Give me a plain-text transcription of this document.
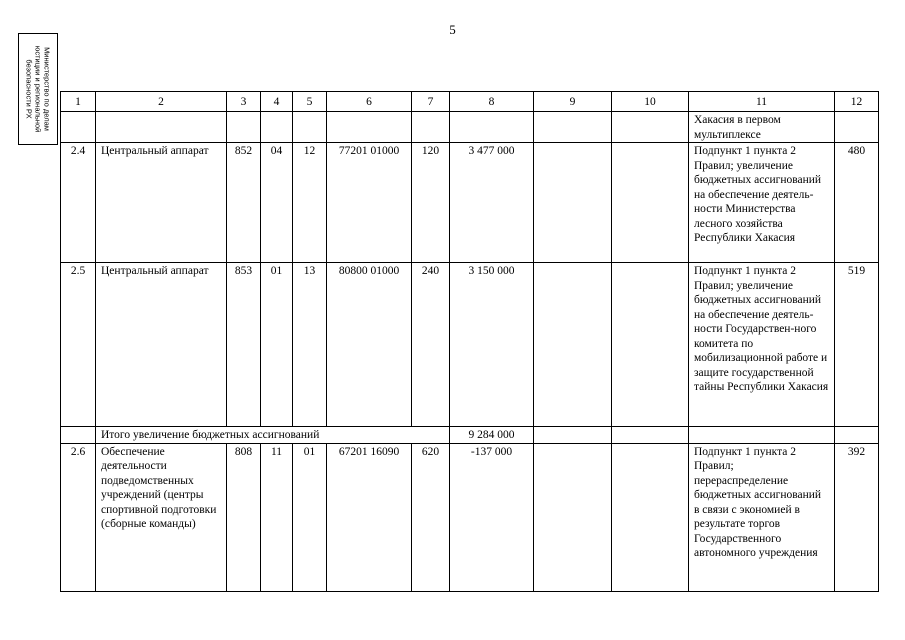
5
Министерство по делам
юстиции и региональной
безопасности РХ
1	2	3	4	5	6	7	8	9	10	11	12
										Хакасия в первом мультиплексе	
2.4	Центральный аппарат	852	04	12	77201 01000	120	3 477 000			Подпункт 1 пункта 2 Правил; увеличение бюджетных ассигнований на обеспечение деятель-ности Министерства лесного хозяйства Республики Хакасия	480
2.5	Центральный аппарат	853	01	13	80800 01000	240	3 150 000			Подпункт 1 пункта 2 Правил; увеличение бюджетных ассигнований на обеспечение деятель-ности Государствен-ного комитета по мобилизационной работе и защите государственной тайны Республики Хакасия	519
	Итого увеличение бюджетных ассигнований						9 284 000				
2.6	Обеспечение деятельности подведомственных учреждений (центры спортивной подготовки (сборные команды)	808	11	01	67201 16090	620	-137 000			Подпункт 1 пункта 2 Правил; перераспределение бюджетных ассигнований в связи с экономией в результате торгов Государственного автономного учреждения	392
